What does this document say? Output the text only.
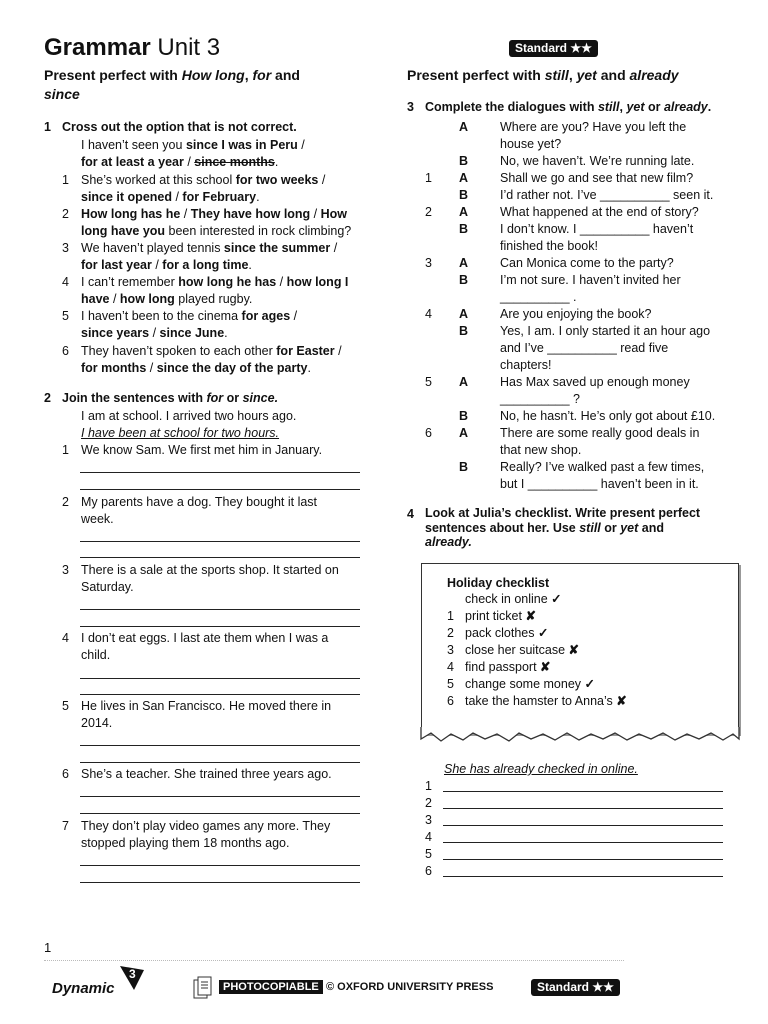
Grammar Unit 3	Standard ★★
Present perfect with How long, for and
since
1 Cross out the option that is not correct.
I haven’t seen you since I was in Peru /
for at least a year / since months.
1 She’s worked at this school for two weeks /
since it opened / for February.
2 How long has he / They have how long / How
long have you been interested in rock climbing?
3 We haven’t played tennis since the summer /
for last year / for a long time.
4 I can’t remember how long he has / how long I
have / how long played rugby.
5 I haven’t been to the cinema for ages /
since years / since June.
6 They haven’t spoken to each other for Easter /
for months / since the day of the party.
2 Join the sentences with for or since.
I am at school. I arrived two hours ago.
I have been at school for two hours.
1 We know Sam. We first met him in January.
2 My parents have a dog. They bought it last
week.
3 There is a sale at the sports shop. It started on
Saturday.
4 I don’t eat eggs. I last ate them when I was a
child.
5 He lives in San Francisco. He moved there in
2014.
6 She’s a teacher. She trained three years ago.
7 They don’t play video games any more. They
stopped playing them 18 months ago.
Present perfect with still, yet and already
3 Complete the dialogues with still, yet or already.
A	Where are you? Have you left the
house yet?
B	No, we haven’t. We’re running late.
1 A	Shall we go and see that new film?
B	I’d rather not. I’ve __________ seen it.
2 A	What happened at the end of story?
B	I don’t know. I __________ haven’t
finished the book!
3 A	Can Monica come to the party?
B	I’m not sure. I haven’t invited her
__________ .
4 A	Are you enjoying the book?
B	Yes, I am. I only started it an hour ago
and I’ve __________ read five
chapters!
5 A	Has Max saved up enough money
__________ ?
B	No, he hasn’t. He’s only got about £10.
6 A	There are some really good deals in
that new shop.
B	Really? I’ve walked past a few times,
but I __________ haven’t been in it.
4 Look at Julia’s checklist. Write present perfect
sentences about her. Use still or yet and
already.
Holiday checklist
check in online ✓
1 print ticket ✘
2 pack clothes ✓
3 close her suitcase ✘
4 find passport ✘
5 change some money ✓
6 take the hamster to Anna’s ✘
She has already checked in online.
1
2
3
4
5
6
1
Dynamic
3
PHOTOCOPIABLE © OXFORD UNIVERSITY PRESS	Standard ★★
